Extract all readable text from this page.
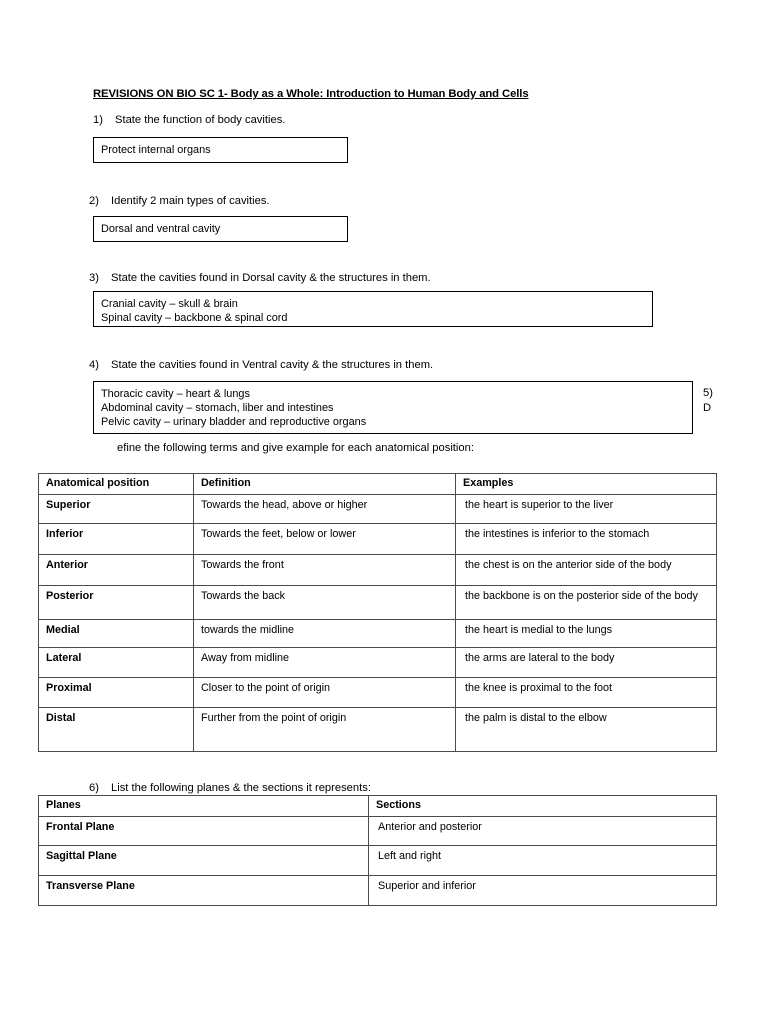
REVISIONS ON BIO SC 1- Body as a Whole: Introduction to Human Body and Cells
1) State the function of body cavities.
Protect internal organs
2) Identify 2 main types of cavities.
Dorsal and ventral cavity
3) State the cavities found in Dorsal cavity & the structures in them.
Cranial cavity – skull & brain
Spinal cavity – backbone & spinal cord
4) State the cavities found in Ventral cavity & the structures in them.
Thoracic cavity – heart & lungs
Abdominal cavity – stomach, liber and intestines
Pelvic cavity – urinary bladder and reproductive organs
5)
D
efine the following terms and give example for each anatomical position:
Anatomical position	Definition	Examples
Superior	Towards the head, above or higher	the heart is superior to the liver
Inferior	Towards the feet, below or lower	the intestines is inferior to the stomach
Anterior	Towards the front	the chest is on the anterior side of the body
Posterior	Towards the back	the backbone is on the posterior side of the body
Medial	towards the midline	the heart is medial to the lungs
Lateral	Away from midline	the arms are lateral to the body
Proximal	Closer to the point of origin	the knee is proximal to the foot
Distal	Further from the point of origin	the palm is distal to the elbow
6) List the following planes & the sections it represents:
Planes	Sections
Frontal Plane	Anterior and posterior
Sagittal Plane	Left and right
Transverse Plane	Superior and inferior
